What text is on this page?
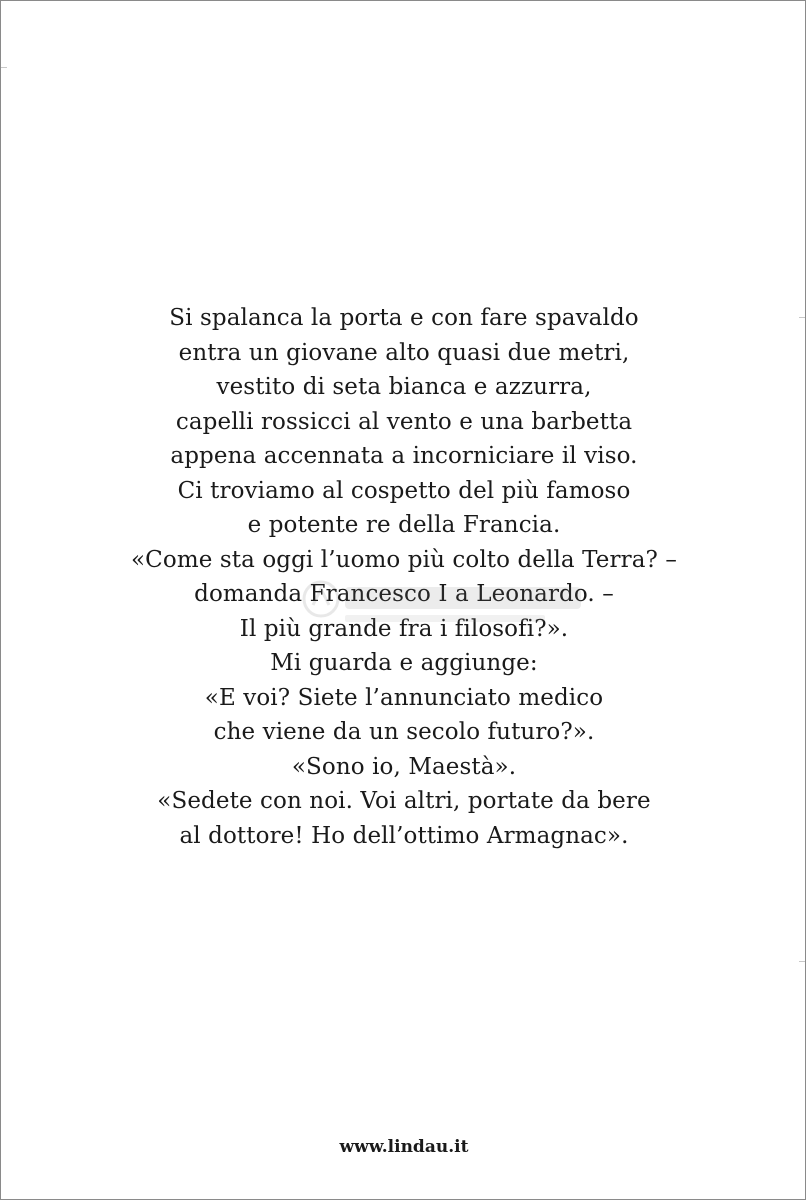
Si spalanca la porta e con fare spavaldo
entra un giovane alto quasi due metri,
vestito di seta bianca e azzurra,
capelli rossicci al vento e una barbetta
appena accennata a incorniciare il viso.
Ci troviamo al cospetto del più famoso
e potente re della Francia.
«Come sta oggi l’uomo più colto della Terra? –
domanda Francesco I a Leonardo. –
Il più grande fra i filosofi?».
Mi guarda e aggiunge:
«E voi? Siete l’annunciato medico
che viene da un secolo futuro?».
«Sono io, Maestà».
«Sedete con noi. Voi altri, portate da bere
al dottore! Ho dell’ottimo Armagnac».
www.lindau.it
